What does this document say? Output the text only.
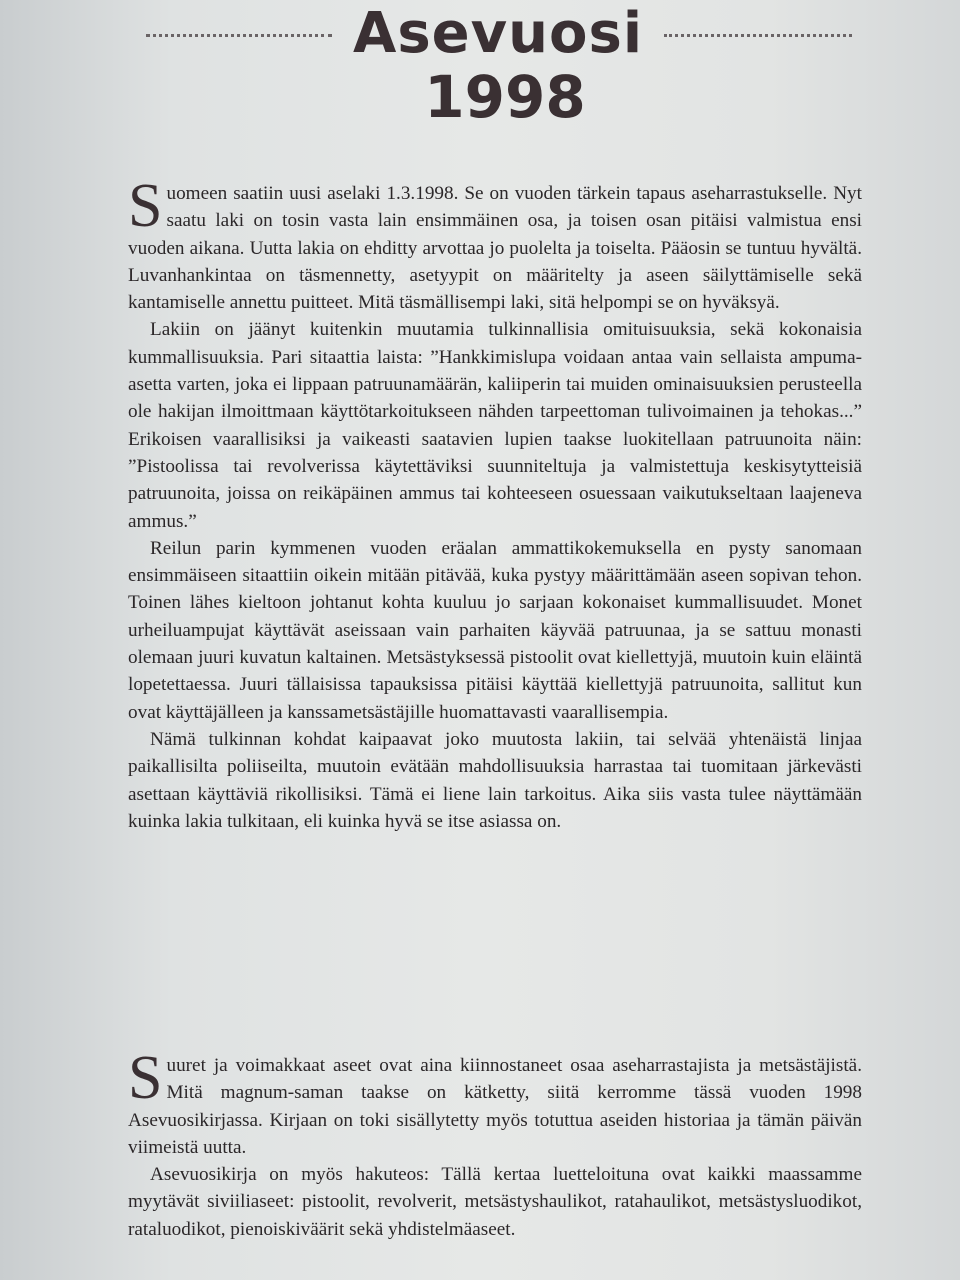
Asevuosi
1998

Suomeen saatiin uusi aselaki 1.3.1998. Se on vuoden tärkein tapaus aseharrastukselle. Nyt saatu laki on tosin vasta lain ensimmäinen osa, ja toisen osan pitäisi valmistua ensi vuoden aikana. Uutta lakia on ehditty arvottaa jo puolelta ja toiselta. Pääosin se tuntuu hyvältä. Luvanhankintaa on täsmennetty, asetyypit on määritelty ja aseen säilyttämiselle sekä kantamiselle annettu puitteet. Mitä täsmällisempi laki, sitä helpompi se on hyväksyä.

Lakiin on jäänyt kuitenkin muutamia tulkinnallisia omituisuuksia, sekä kokonaisia kummallisuuksia. Pari sitaattia laista: ”Hankkimislupa voidaan antaa vain sellaista ampuma-asetta varten, joka ei lippaan patruunamäärän, kaliiperin tai muiden ominaisuuksien perusteella ole hakijan ilmoittmaan käyttötarkoitukseen nähden tarpeettoman tulivoimainen ja tehokas...” Erikoisen vaarallisiksi ja vaikeasti saatavien lupien taakse luokitellaan patruunoita näin: ”Pistoolissa tai revolverissa käytettäviksi suunniteltuja ja valmistettuja keskisytytteisiä patruunoita, joissa on reikäpäinen ammus tai kohteeseen osuessaan vaikutukseltaan laajeneva ammus.”

Reilun parin kymmenen vuoden eräalan ammattikokemuksella en pysty sanomaan ensimmäiseen sitaattiin oikein mitään pitävää, kuka pystyy määrittämään aseen sopivan tehon. Toinen lähes kieltoon johtanut kohta kuuluu jo sarjaan kokonaiset kummallisuudet. Monet urheiluampujat käyttävät aseissaan vain parhaiten käyvää patruunaa, ja se sattuu monasti olemaan juuri kuvatun kaltainen. Metsästyksessä pistoolit ovat kiellettyjä, muutoin kuin eläintä lopetettaessa. Juuri tällaisissa tapauksissa pitäisi käyttää kiellettyjä patruunoita, sallitut kun ovat käyttäjälleen ja kanssametsästäjille huomattavasti vaarallisempia.

Nämä tulkinnan kohdat kaipaavat joko muutosta lakiin, tai selvää yhtenäistä linjaa paikallisilta poliiseilta, muutoin evätään mahdollisuuksia harrastaa tai tuomitaan järkevästi asettaan käyttäviä rikollisiksi. Tämä ei liene lain tarkoitus. Aika siis vasta tulee näyttämään kuinka lakia tulkitaan, eli kuinka hyvä se itse asiassa on.

Suuret ja voimakkaat aseet ovat aina kiinnostaneet osaa aseharrastajista ja metsästäjistä. Mitä magnum-saman taakse on kätketty, siitä kerromme tässä vuoden 1998 Asevuosikirjassa. Kirjaan on toki sisällytetty myös totuttua aseiden historiaa ja tämän päivän viimeistä uutta.

Asevuosikirja on myös hakuteos: Tällä kertaa luetteloituna ovat kaikki maassamme myytävät siviiliaseet: pistoolit, revolverit, metsästyshaulikot, ratahaulikot, metsästysluodikot, rataluodikot, pienoiskiväärit sekä yhdistelmäaseet.
